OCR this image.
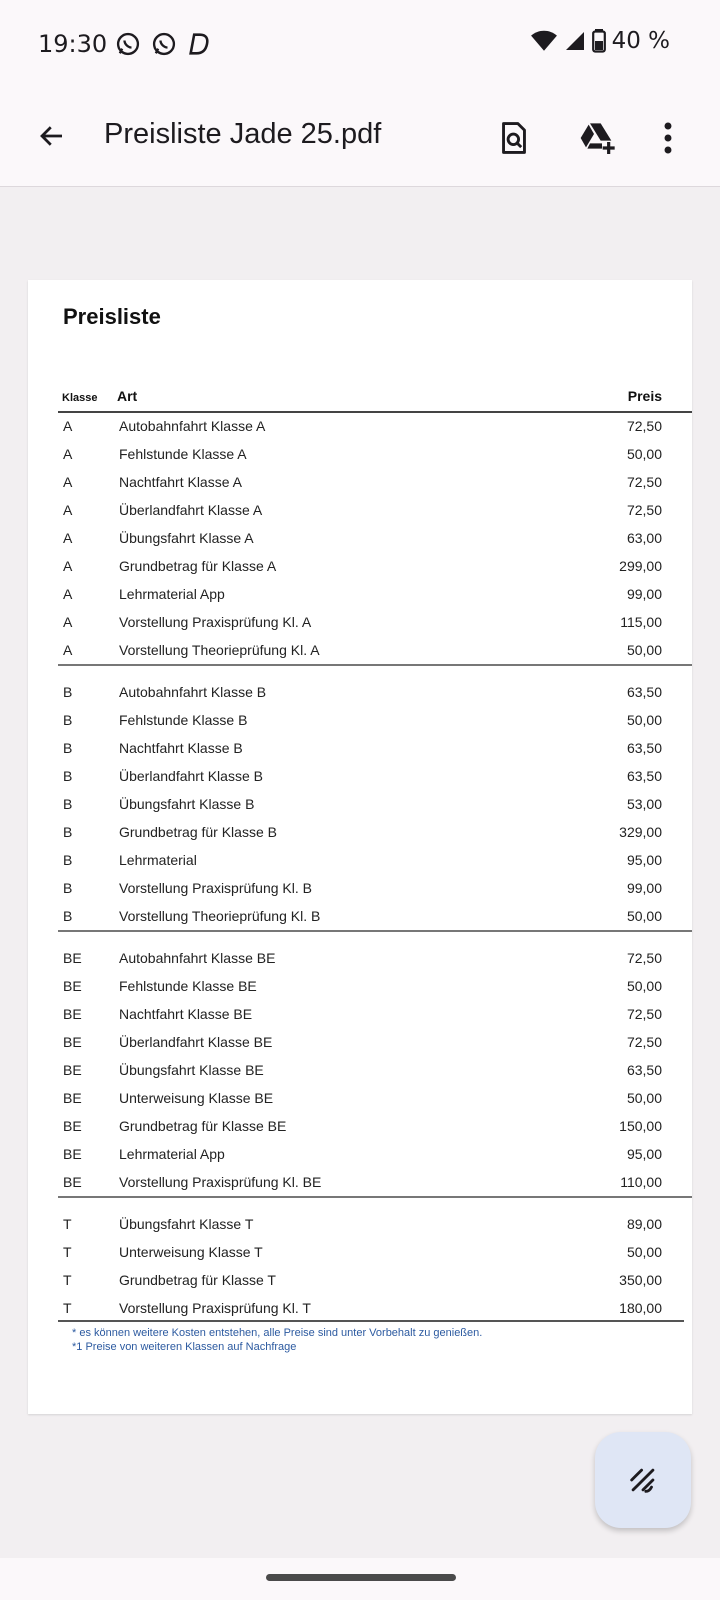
19:30	40 %
Preisliste Jade 25.pdf
Preisliste
Klasse Art	Preis
A	Autobahnfahrt Klasse A	72,50
A	Fehlstunde Klasse A	50,00
A	Nachtfahrt Klasse A	72,50
A	Überlandfahrt Klasse A	72,50
A	Übungsfahrt Klasse A	63,00
A	Grundbetrag für Klasse A	299,00
A	Lehrmaterial App	99,00
A	Vorstellung Praxisprüfung Kl. A	115,00
A	Vorstellung Theorieprüfung Kl. A	50,00
B	Autobahnfahrt Klasse B	63,50
B	Fehlstunde Klasse B	50,00
B	Nachtfahrt Klasse B	63,50
B	Überlandfahrt Klasse B	63,50
B	Übungsfahrt Klasse B	53,00
B	Grundbetrag für Klasse B	329,00
B	Lehrmaterial	95,00
B	Vorstellung Praxisprüfung Kl. B	99,00
B	Vorstellung Theorieprüfung Kl. B	50,00
BE	Autobahnfahrt Klasse BE	72,50
BE	Fehlstunde Klasse BE	50,00
BE	Nachtfahrt Klasse BE	72,50
BE	Überlandfahrt Klasse BE	72,50
BE	Übungsfahrt Klasse BE	63,50
BE	Unterweisung Klasse BE	50,00
BE	Grundbetrag für Klasse BE	150,00
BE	Lehrmaterial App	95,00
BE	Vorstellung Praxisprüfung Kl. BE	110,00
T	Übungsfahrt Klasse T	89,00
T	Unterweisung Klasse T	50,00
T	Grundbetrag für Klasse T	350,00
T	Vorstellung Praxisprüfung Kl. T	180,00
* es können weitere Kosten entstehen, alle Preise sind unter Vorbehalt zu genießen.
*1 Preise von weiteren Klassen auf Nachfrage
